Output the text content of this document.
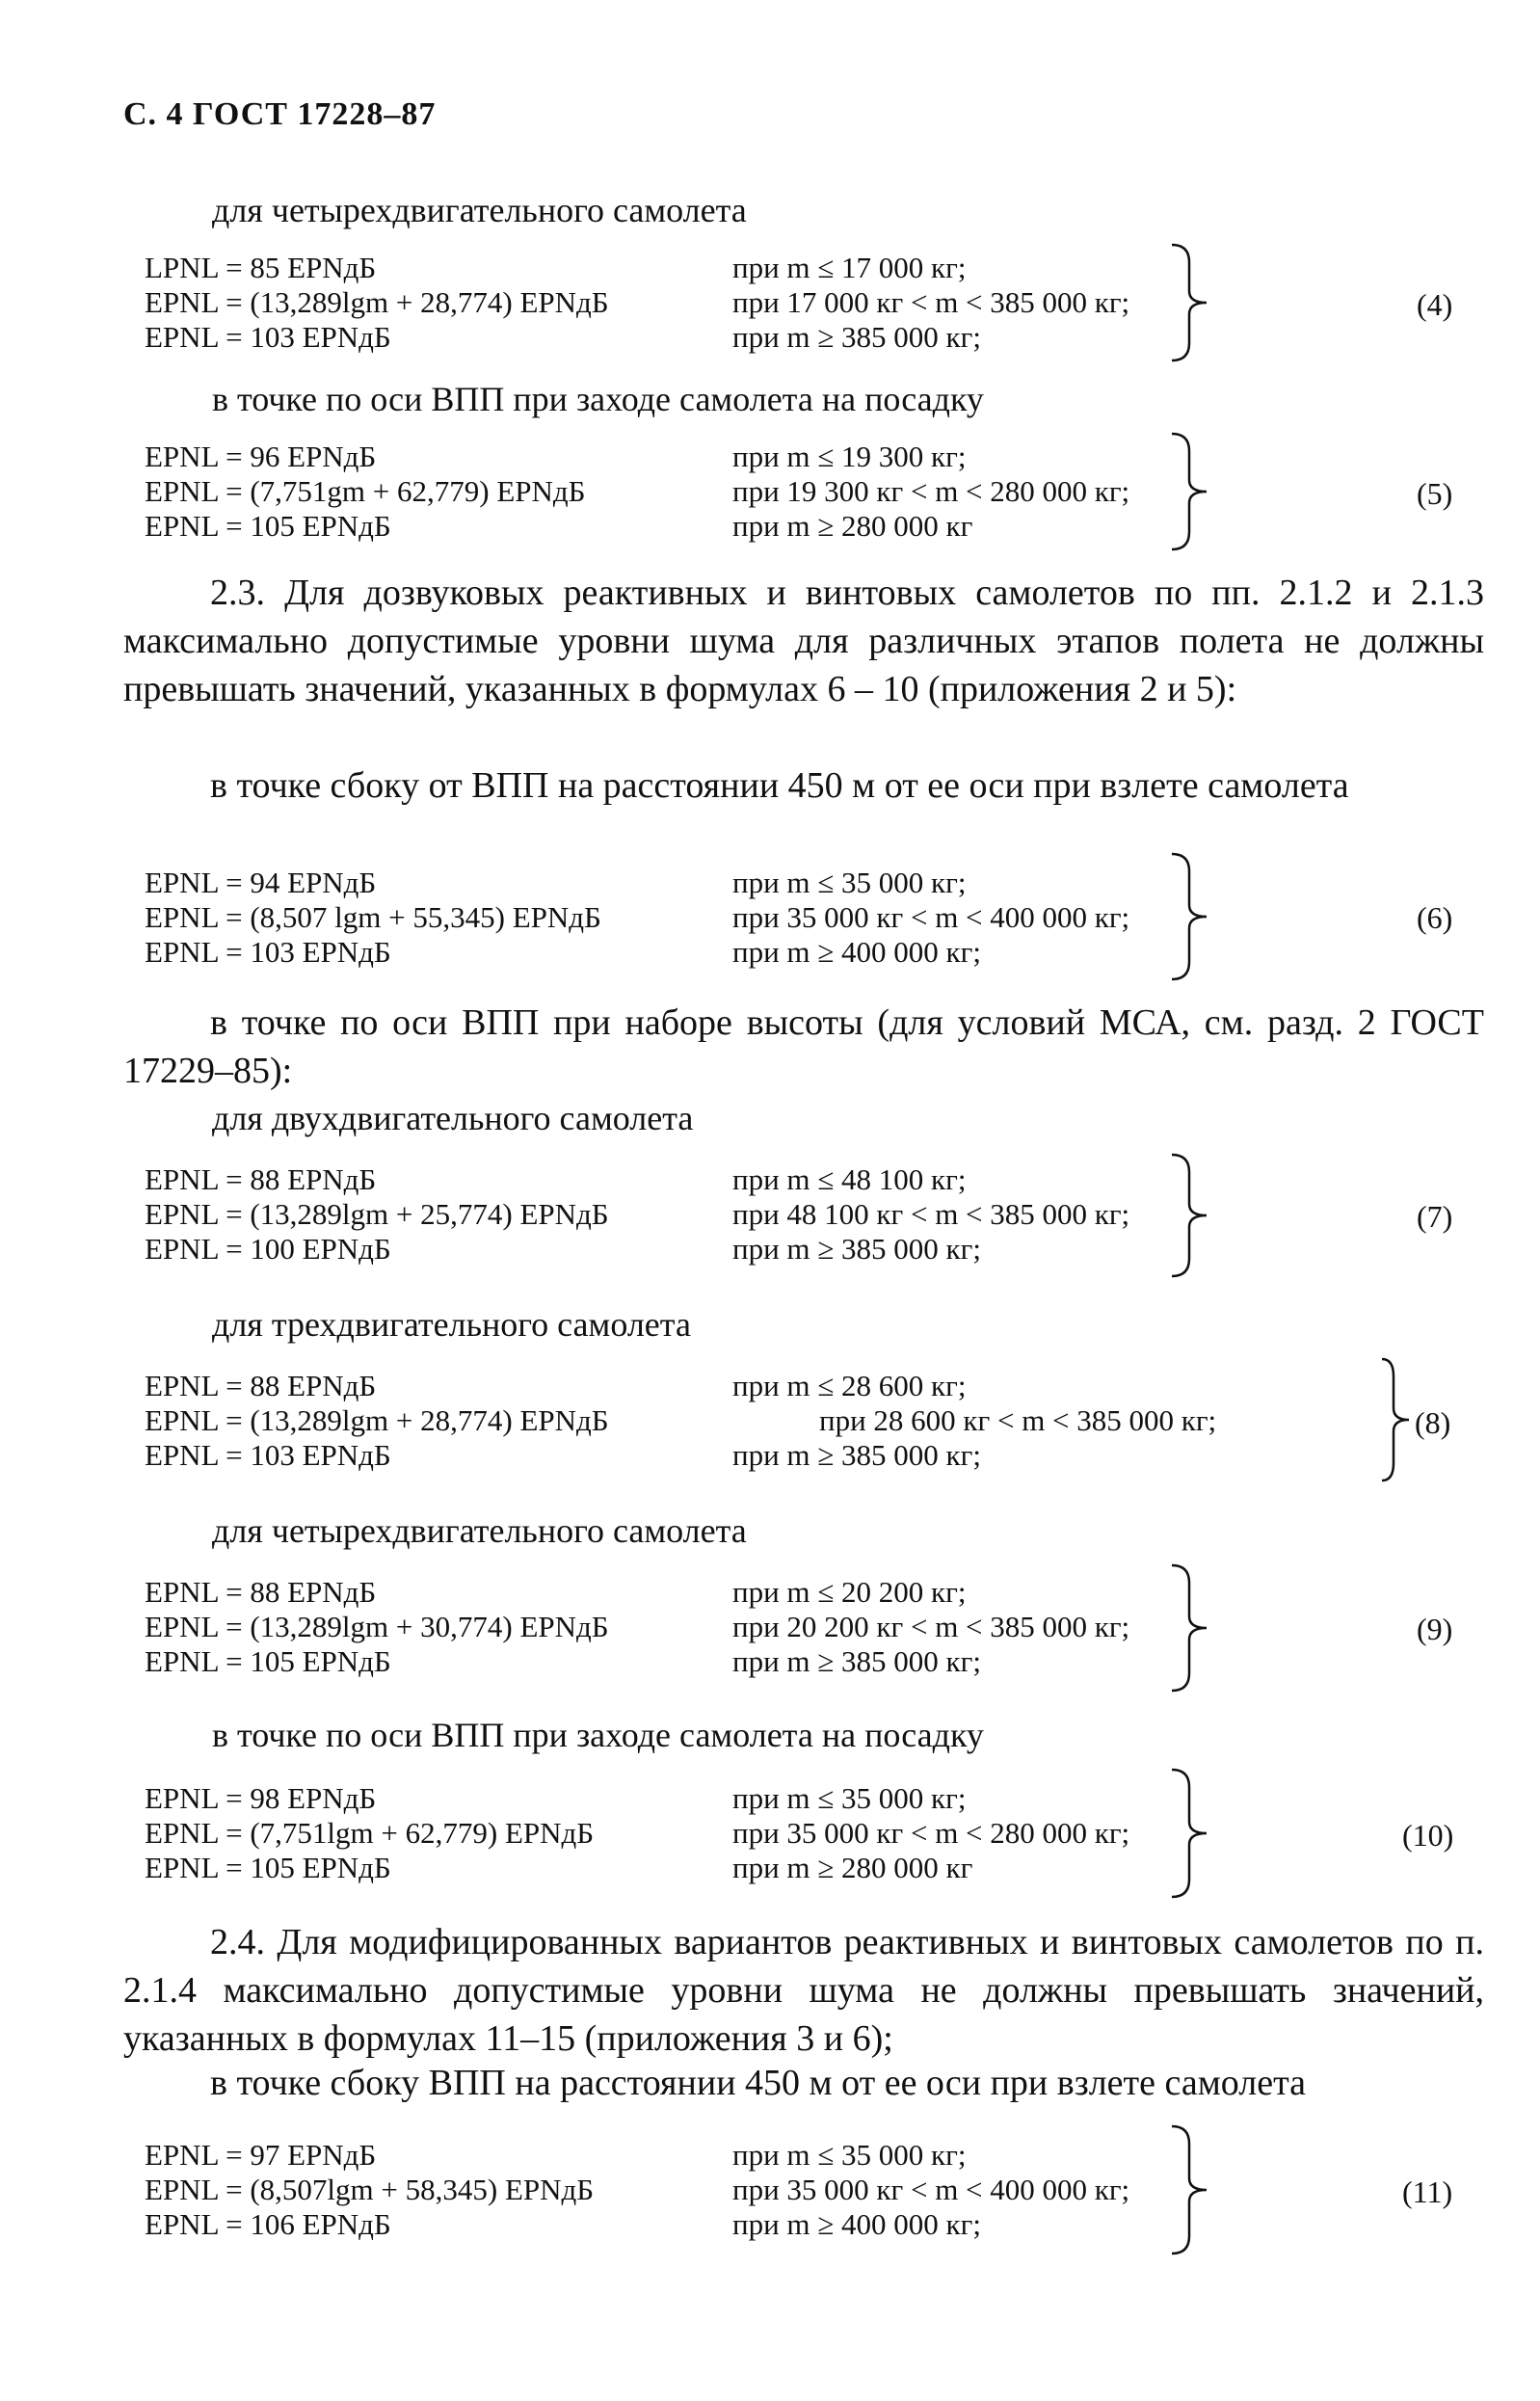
С. 4 ГОСТ 17228–87
для четырехдвигательного самолета
LPNL = 85 EPNдБ	при m ≤ 17 000 кг;
EPNL = (13,289lgm + 28,774) EPNдБ	при 17 000 кг < m < 385 000 кг;
EPNL = 103 EPNдБ	при m ≥ 385 000 кг;
(4)
в точке по оси ВПП при заходе самолета на посадку
EPNL = 96 EPNдБ	при m ≤ 19 300 кг;
EPNL = (7,751gm + 62,779) EPNдБ	при 19 300 кг < m < 280 000 кг;
EPNL = 105 EPNдБ	при m ≥ 280 000 кг
(5)
2.3. Для дозвуковых реактивных и винтовых самолетов по пп. 2.1.2 и 2.1.3 максимально допустимые уровни шума для различных этапов полета не должны превышать значений, указанных в формулах 6 – 10 (приложения 2 и 5):
в точке сбоку от ВПП на расстоянии 450 м от ее оси при взлете самолета
EPNL = 94 EPNдБ	при m ≤ 35 000 кг;
EPNL = (8,507 lgm + 55,345) EPNдБ	при 35 000 кг < m < 400 000 кг;
EPNL = 103 EPNдБ	при m ≥ 400 000 кг;
(6)
в точке по оси ВПП при наборе высоты (для условий МСА, см. разд. 2 ГОСТ 17229–85):
для двухдвигательного самолета
EPNL = 88 EPNдБ	при m ≤ 48 100 кг;
EPNL = (13,289lgm + 25,774) EPNдБ	при 48 100 кг < m < 385 000 кг;
EPNL = 100 EPNдБ	при m ≥ 385 000 кг;
(7)
для трехдвигательного самолета
EPNL = 88 EPNдБ	при m ≤ 28 600 кг;
EPNL = (13,289lgm + 28,774) EPNдБ	при 28 600 кг < m < 385 000 кг;
EPNL = 103 EPNдБ	при m ≥ 385 000 кг;
(8)
для четырехдвигательного самолета
EPNL = 88 EPNдБ	при m ≤ 20 200 кг;
EPNL = (13,289lgm + 30,774) EPNдБ	при 20 200 кг < m < 385 000 кг;
EPNL = 105 EPNдБ	при m ≥ 385 000 кг;
(9)
в точке по оси ВПП при заходе самолета на посадку
EPNL = 98 EPNдБ	при m ≤ 35 000 кг;
EPNL = (7,751lgm + 62,779) EPNдБ	при 35 000 кг < m < 280 000 кг;
EPNL = 105 EPNдБ	при m ≥ 280 000 кг
(10)
2.4. Для модифицированных вариантов реактивных и винтовых самолетов по п. 2.1.4 максимально допустимые уровни шума не должны превышать значений, указанных в формулах 11–15 (приложения 3 и 6);
в точке сбоку ВПП на расстоянии 450 м от ее оси при взлете самолета
EPNL = 97 EPNдБ	при m ≤ 35 000 кг;
EPNL = (8,507lgm + 58,345) EPNдБ	при 35 000 кг < m < 400 000 кг;
EPNL = 106 EPNдБ	при m ≥ 400 000 кг;
(11)
